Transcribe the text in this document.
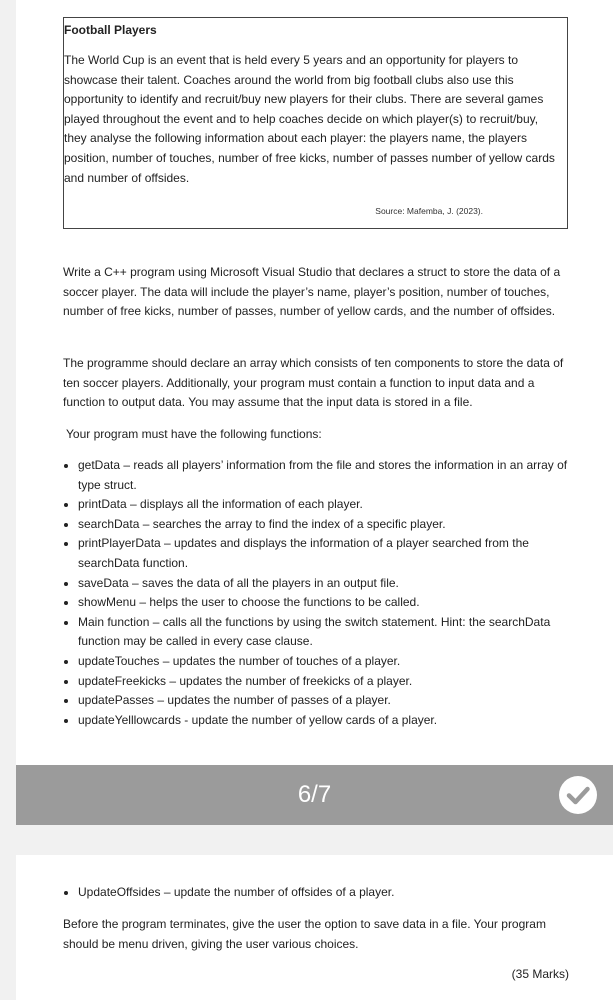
Football Players

The World Cup is an event that is held every 5 years and an opportunity for players to showcase their talent. Coaches around the world from big football clubs also use this opportunity to identify and recruit/buy new players for their clubs. There are several games played throughout the event and to help coaches decide on which player(s) to recruit/buy, they analyse the following information about each player: the players name, the players position, number of touches, number of free kicks, number of passes number of yellow cards and number of offsides.

Source: Mafemba, J. (2023).

Write a C++ program using Microsoft Visual Studio that declares a struct to store the data of a soccer player. The data will include the player’s name, player’s position, number of touches, number of free kicks, number of passes, number of yellow cards, and the number of offsides.

The programme should declare an array which consists of ten components to store the data of ten soccer players. Additionally, your program must contain a function to input data and a function to output data. You may assume that the input data is stored in a file.

Your program must have the following functions:

• getData – reads all players’ information from the file and stores the information in an array of type struct.
• printData – displays all the information of each player.
• searchData – searches the array to find the index of a specific player.
• printPlayerData – updates and displays the information of a player searched from the searchData function.
• saveData – saves the data of all the players in an output file.
• showMenu – helps the user to choose the functions to be called.
• Main function – calls all the functions by using the switch statement. Hint: the searchData function may be called in every case clause.
• updateTouches – updates the number of touches of a player.
• updateFreekicks – updates the number of freekicks of a player.
• updatePasses – updates the number of passes of a player.
• updateYelllowcards - update the number of yellow cards of a player.
6/7
• UpdateOffsides – update the number of offsides of a player.

Before the program terminates, give the user the option to save data in a file. Your program should be menu driven, giving the user various choices.

(35 Marks)
